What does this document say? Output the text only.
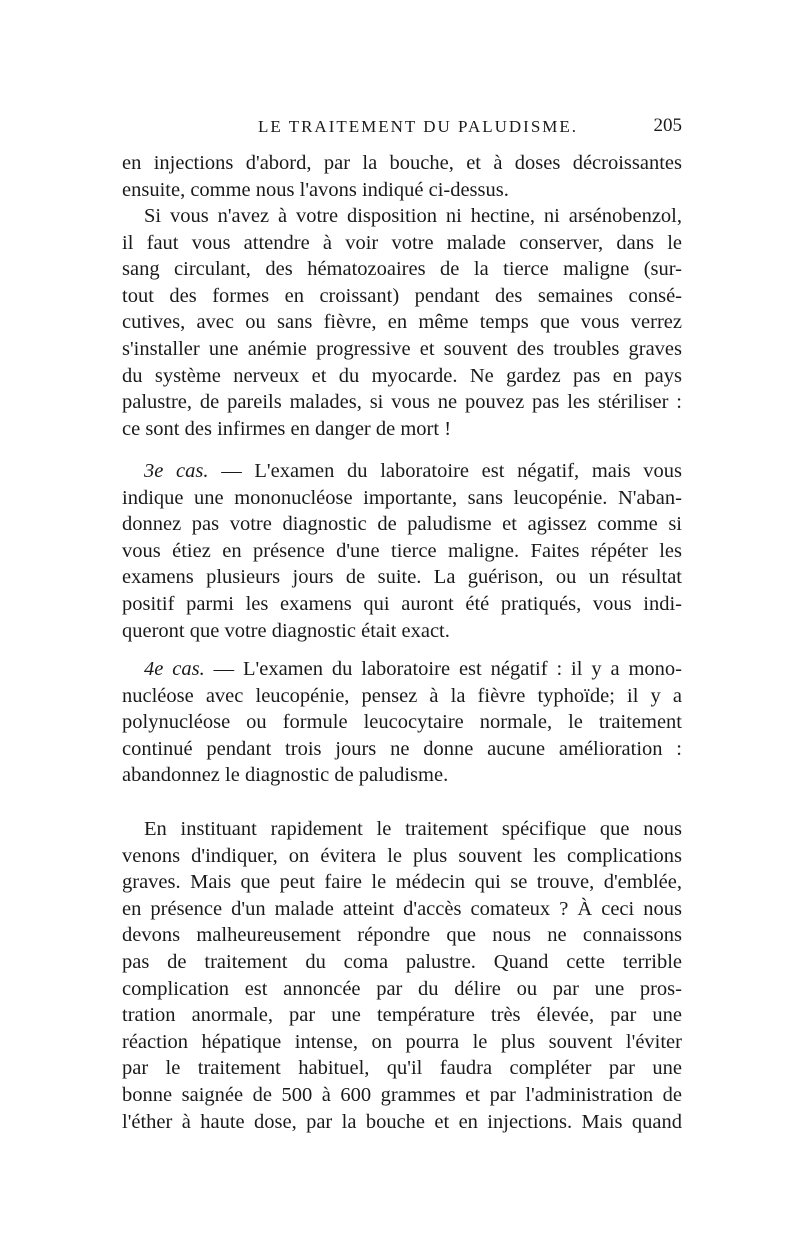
LE TRAITEMENT DU PALUDISME.	205
en injections d'abord, par la bouche, et à doses décroissantes
ensuite, comme nous l'avons indiqué ci-dessus.
Si vous n'avez à votre disposition ni hectine, ni arsénobenzol,
il faut vous attendre à voir votre malade conserver, dans le
sang circulant, des hématozoaires de la tierce maligne (sur-
tout des formes en croissant) pendant des semaines consé-
cutives, avec ou sans fièvre, en même temps que vous verrez
s'installer une anémie progressive et souvent des troubles graves
du système nerveux et du myocarde. Ne gardez pas en pays
palustre, de pareils malades, si vous ne pouvez pas les stériliser :
ce sont des infirmes en danger de mort !
3e cas. — L'examen du laboratoire est négatif, mais vous
indique une mononucléose importante, sans leucopénie. N'aban-
donnez pas votre diagnostic de paludisme et agissez comme si
vous étiez en présence d'une tierce maligne. Faites répéter les
examens plusieurs jours de suite. La guérison, ou un résultat
positif parmi les examens qui auront été pratiqués, vous indi-
queront que votre diagnostic était exact.
4e cas. — L'examen du laboratoire est négatif : il y a mono-
nucléose avec leucopénie, pensez à la fièvre typhoïde; il y a
polynucléose ou formule leucocytaire normale, le traitement
continué pendant trois jours ne donne aucune amélioration :
abandonnez le diagnostic de paludisme.
En instituant rapidement le traitement spécifique que nous
venons d'indiquer, on évitera le plus souvent les complications
graves. Mais que peut faire le médecin qui se trouve, d'emblée,
en présence d'un malade atteint d'accès comateux ? À ceci nous
devons malheureusement répondre que nous ne connaissons
pas de traitement du coma palustre. Quand cette terrible
complication est annoncée par du délire ou par une pros-
tration anormale, par une température très élevée, par une
réaction hépatique intense, on pourra le plus souvent l'éviter
par le traitement habituel, qu'il faudra compléter par une
bonne saignée de 500 à 600 grammes et par l'administration de
l'éther à haute dose, par la bouche et en injections. Mais quand
